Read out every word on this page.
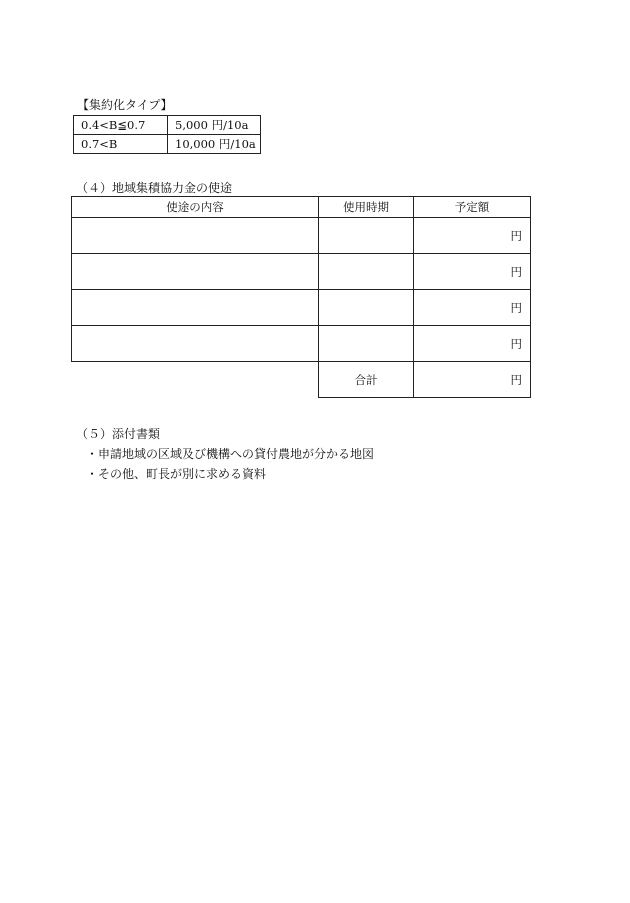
【集約化タイプ】
0.4<B≦0.7	5,000 円/10a
0.7<B	10,000 円/10a
（４）地域集積協力金の使途
使途の内容	使用時期	予定額
		円
		円
		円
		円
	合計	円
（５）添付書類
・申請地域の区域及び機構への貸付農地が分かる地図
・その他、町長が別に求める資料
